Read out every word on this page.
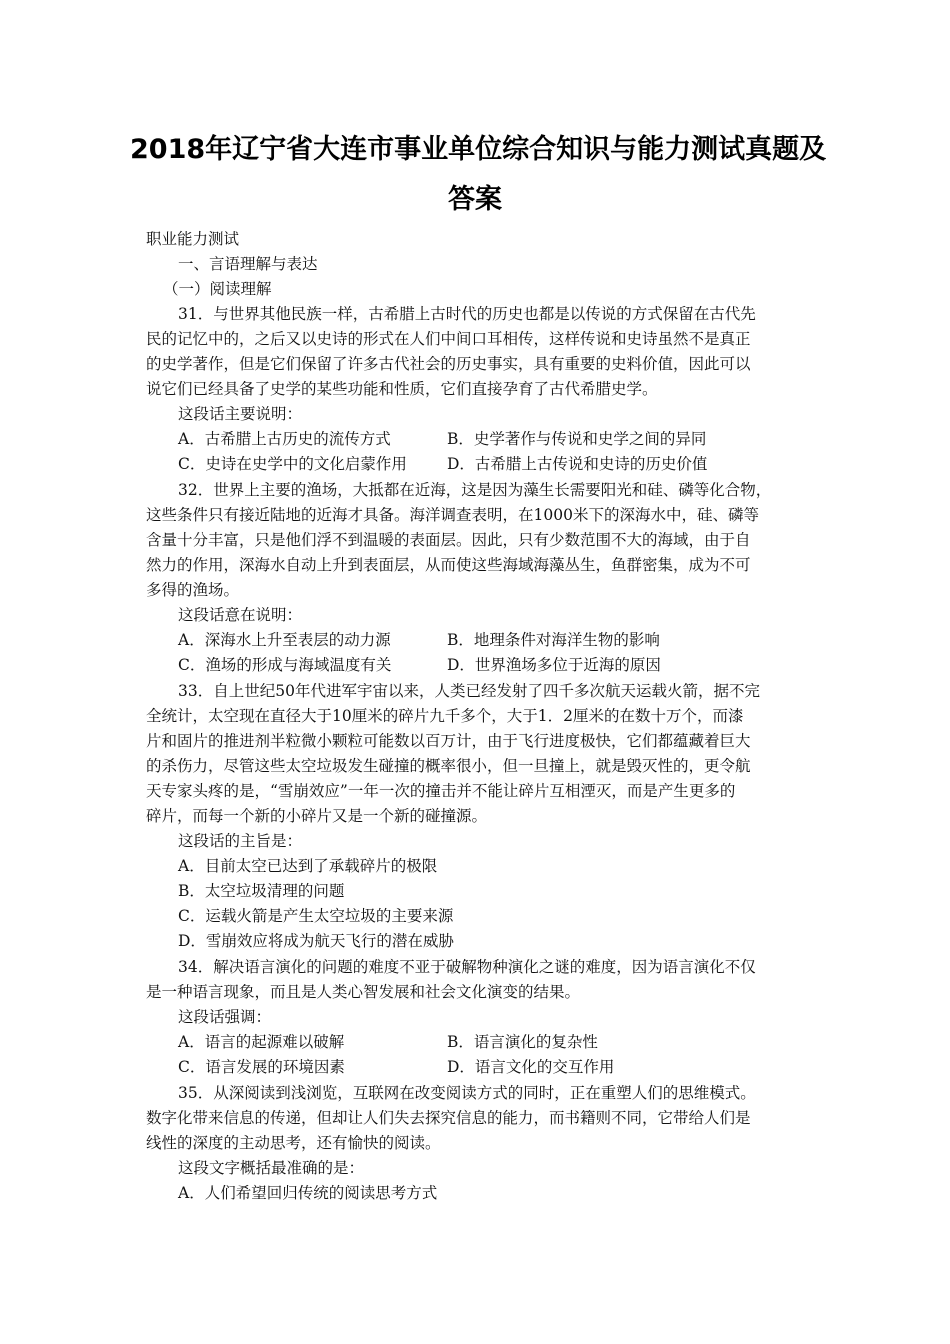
2018年辽宁省大连市事业单位综合知识与能力测试真题及
答案
职业能力测试
一、言语理解与表达
（一）阅读理解
31．与世界其他民族一样，古希腊上古时代的历史也都是以传说的方式保留在古代先
民的记忆中的，之后又以史诗的形式在人们中间口耳相传，这样传说和史诗虽然不是真正
的史学著作，但是它们保留了许多古代社会的历史事实，具有重要的史料价值，因此可以
说它们已经具备了史学的某些功能和性质，它们直接孕育了古代希腊史学。
这段话主要说明：
A．古希腊上古历史的流传方式	B．史学著作与传说和史学之间的异同
C．史诗在史学中的文化启蒙作用	D．古希腊上古传说和史诗的历史价值
32．世界上主要的渔场，大抵都在近海，这是因为藻生长需要阳光和硅、磷等化合物，
这些条件只有接近陆地的近海才具备。海洋调查表明，在1000米下的深海水中，硅、磷等
含量十分丰富，只是他们浮不到温暖的表面层。因此，只有少数范围不大的海域，由于自
然力的作用，深海水自动上升到表面层，从而使这些海域海藻丛生，鱼群密集，成为不可
多得的渔场。
这段话意在说明：
A．深海水上升至表层的动力源	B．地理条件对海洋生物的影响
C．渔场的形成与海域温度有关	D．世界渔场多位于近海的原因
33．自上世纪50年代进军宇宙以来，人类已经发射了四千多次航天运载火箭，据不完
全统计，太空现在直径大于10厘米的碎片九千多个，大于1．2厘米的在数十万个，而漆
片和固片的推进剂半粒微小颗粒可能数以百万计，由于飞行进度极快，它们都蕴藏着巨大
的杀伤力，尽管这些太空垃圾发生碰撞的概率很小，但一旦撞上，就是毁灭性的，更令航
天专家头疼的是，“雪崩效应”一年一次的撞击并不能让碎片互相湮灭，而是产生更多的
碎片，而每一个新的小碎片又是一个新的碰撞源。
这段话的主旨是：
A．目前太空已达到了承载碎片的极限
B．太空垃圾清理的问题
C．运载火箭是产生太空垃圾的主要来源
D．雪崩效应将成为航天飞行的潜在威胁
34．解决语言演化的问题的难度不亚于破解物种演化之谜的难度，因为语言演化不仅
是一种语言现象，而且是人类心智发展和社会文化演变的结果。
这段话强调：
A．语言的起源难以破解	B．语言演化的复杂性
C．语言发展的环境因素	D．语言文化的交互作用
35．从深阅读到浅浏览，互联网在改变阅读方式的同时，正在重塑人们的思维模式。
数字化带来信息的传递，但却让人们失去探究信息的能力，而书籍则不同，它带给人们是
线性的深度的主动思考，还有愉快的阅读。
这段文字概括最准确的是：
A．人们希望回归传统的阅读思考方式
